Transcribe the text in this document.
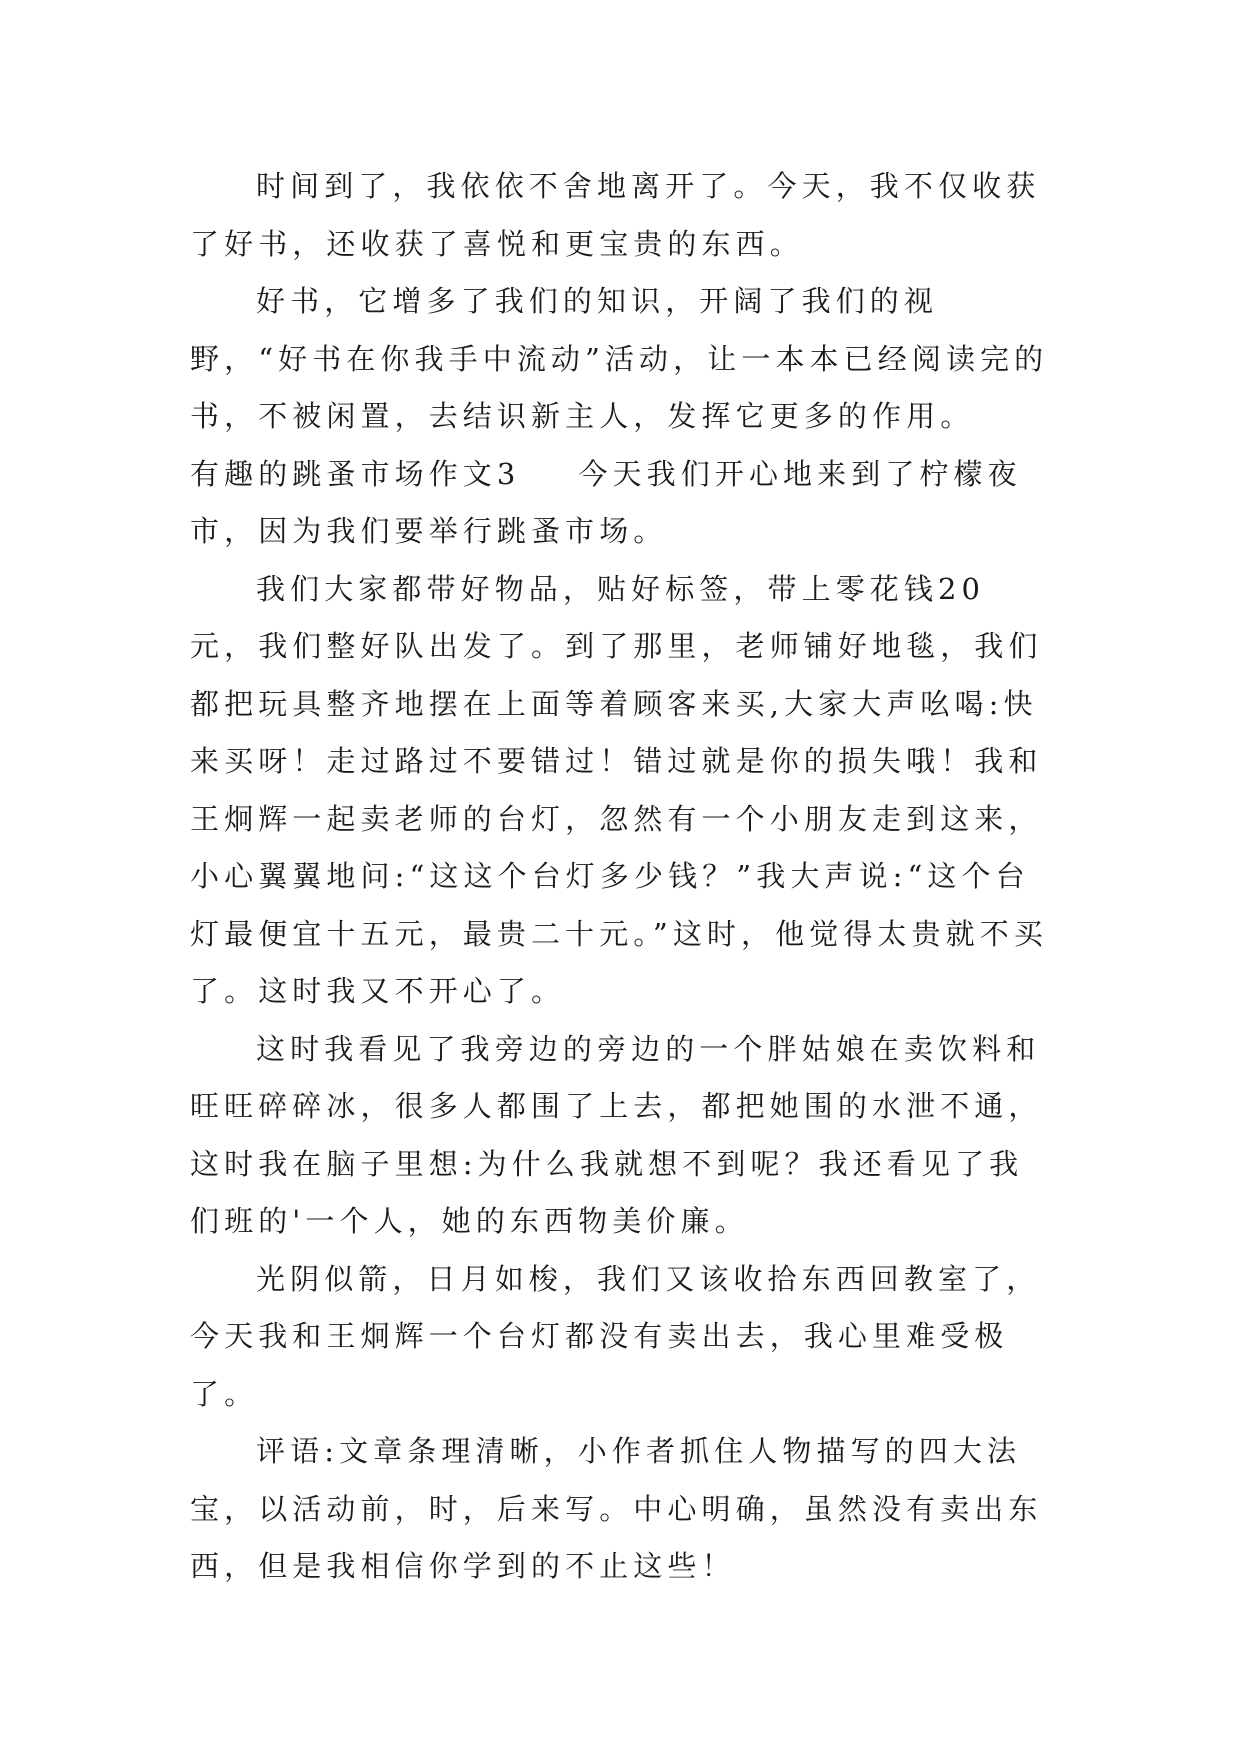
时间到了，我依依不舍地离开了。今天，我不仅收获了好书，还收获了喜悦和更宝贵的东西。

好书，它增多了我们的知识，开阔了我们的视野，“好书在你我手中流动”活动，让一本本已经阅读完的书，不被闲置，去结识新主人，发挥它更多的作用。

有趣的跳蚤市场作文3 今天我们开心地来到了柠檬夜市，因为我们要举行跳蚤市场。

我们大家都带好物品，贴好标签，带上零花钱20元，我们整好队出发了。到了那里，老师铺好地毯，我们都把玩具整齐地摆在上面等着顾客来买,大家大声吆喝:快来买呀！走过路过不要错过！错过就是你的损失哦！我和王炯辉一起卖老师的台灯，忽然有一个小朋友走到这来，小心翼翼地问:“这这个台灯多少钱？”我大声说:“这个台灯最便宜十五元，最贵二十元。”这时，他觉得太贵就不买了。这时我又不开心了。

这时我看见了我旁边的旁边的一个胖姑娘在卖饮料和旺旺碎碎冰，很多人都围了上去，都把她围的水泄不通，这时我在脑子里想:为什么我就想不到呢？我还看见了我们班的'一个人，她的东西物美价廉。

光阴似箭，日月如梭，我们又该收拾东西回教室了，今天我和王炯辉一个台灯都没有卖出去，我心里难受极了。

评语:文章条理清晰，小作者抓住人物描写的四大法宝，以活动前，时，后来写。中心明确，虽然没有卖出东西，但是我相信你学到的不止这些！
